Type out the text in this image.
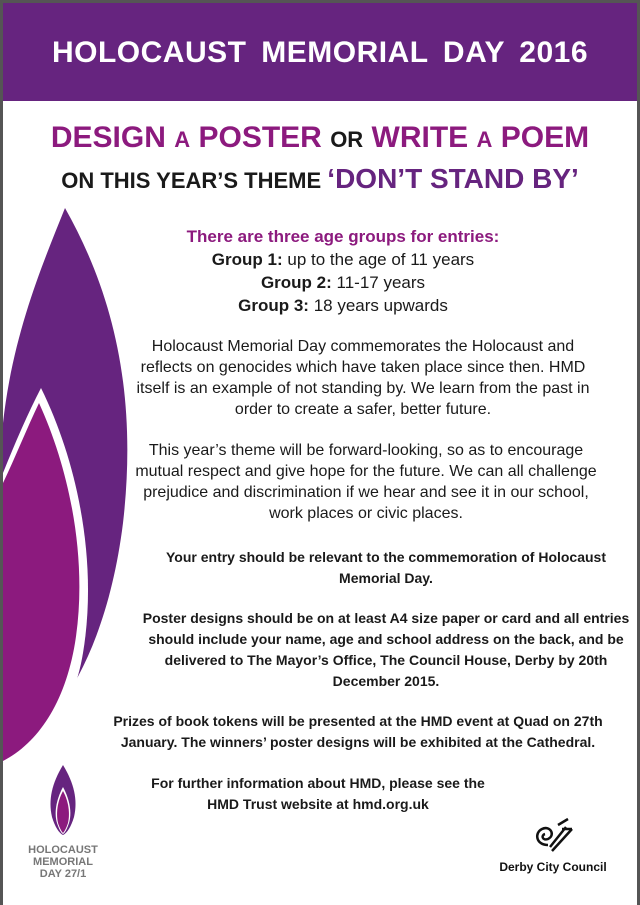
HOLOCAUST MEMORIAL DAY 2016
DESIGN A POSTER OR WRITE A POEM
ON THIS YEAR’S THEME ‘DON’T STAND BY’
There are three age groups for entries:
Group 1: up to the age of 11 years
Group 2: 11-17 years
Group 3: 18 years upwards
Holocaust Memorial Day commemorates the Holocaust and reflects on genocides which have taken place since then. HMD itself is an example of not standing by. We learn from the past in order to create a safer, better future.
This year’s theme will be forward-looking, so as to encourage mutual respect and give hope for the future. We can all challenge prejudice and discrimination if we hear and see it in our school, work places or civic places.
Your entry should be relevant to the commemoration of Holocaust Memorial Day.
Poster designs should be on at least A4 size paper or card and all entries should include your name, age and school address on the back, and be delivered to The Mayor’s Office, The Council House, Derby by 20th December 2015.
Prizes of book tokens will be presented at the HMD event at Quad on 27th January. The winners’ poster designs will be exhibited at the Cathedral.
For further information about HMD, please see the HMD Trust website at hmd.org.uk
HOLOCAUST
MEMORIAL
DAY 27/1	Derby City Council
